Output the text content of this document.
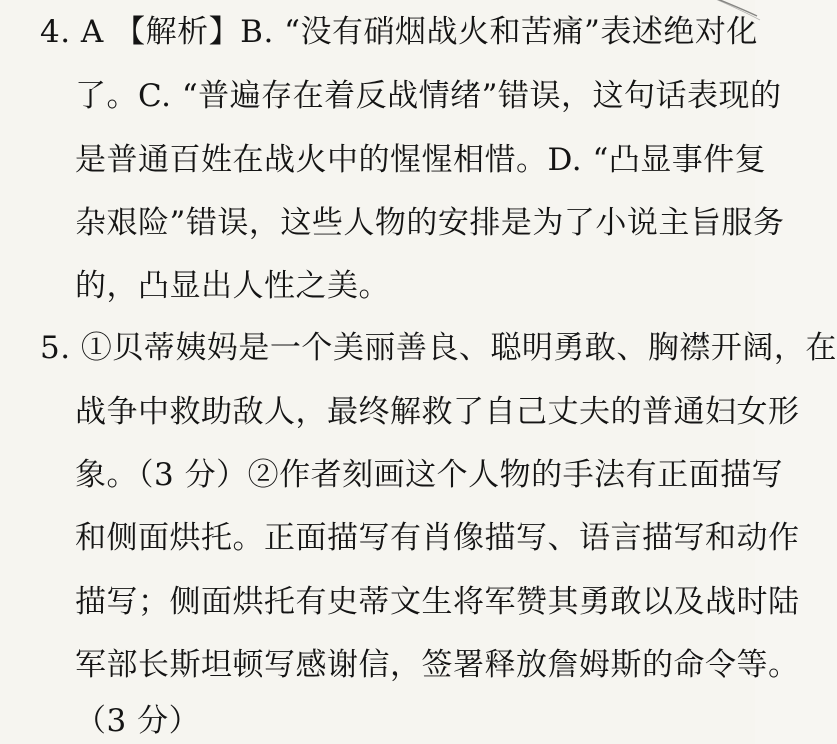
4. A 【解析】B. “没有硝烟战火和苦痛”表述绝对化
了。C. “普遍存在着反战情绪”错误，这句话表现的
是普通百姓在战火中的惺惺相惜。D. “凸显事件复
杂艰险”错误，这些人物的安排是为了小说主旨服务
的，凸显出人性之美。
5. ①贝蒂姨妈是一个美丽善良、聪明勇敢、胸襟开阔，在
战争中救助敌人，最终解救了自己丈夫的普通妇女形
象。（3 分）②作者刻画这个人物的手法有正面描写
和侧面烘托。正面描写有肖像描写、语言描写和动作
描写；侧面烘托有史蒂文生将军赞其勇敢以及战时陆
军部长斯坦顿写感谢信，签署释放詹姆斯的命令等。
（3 分）
